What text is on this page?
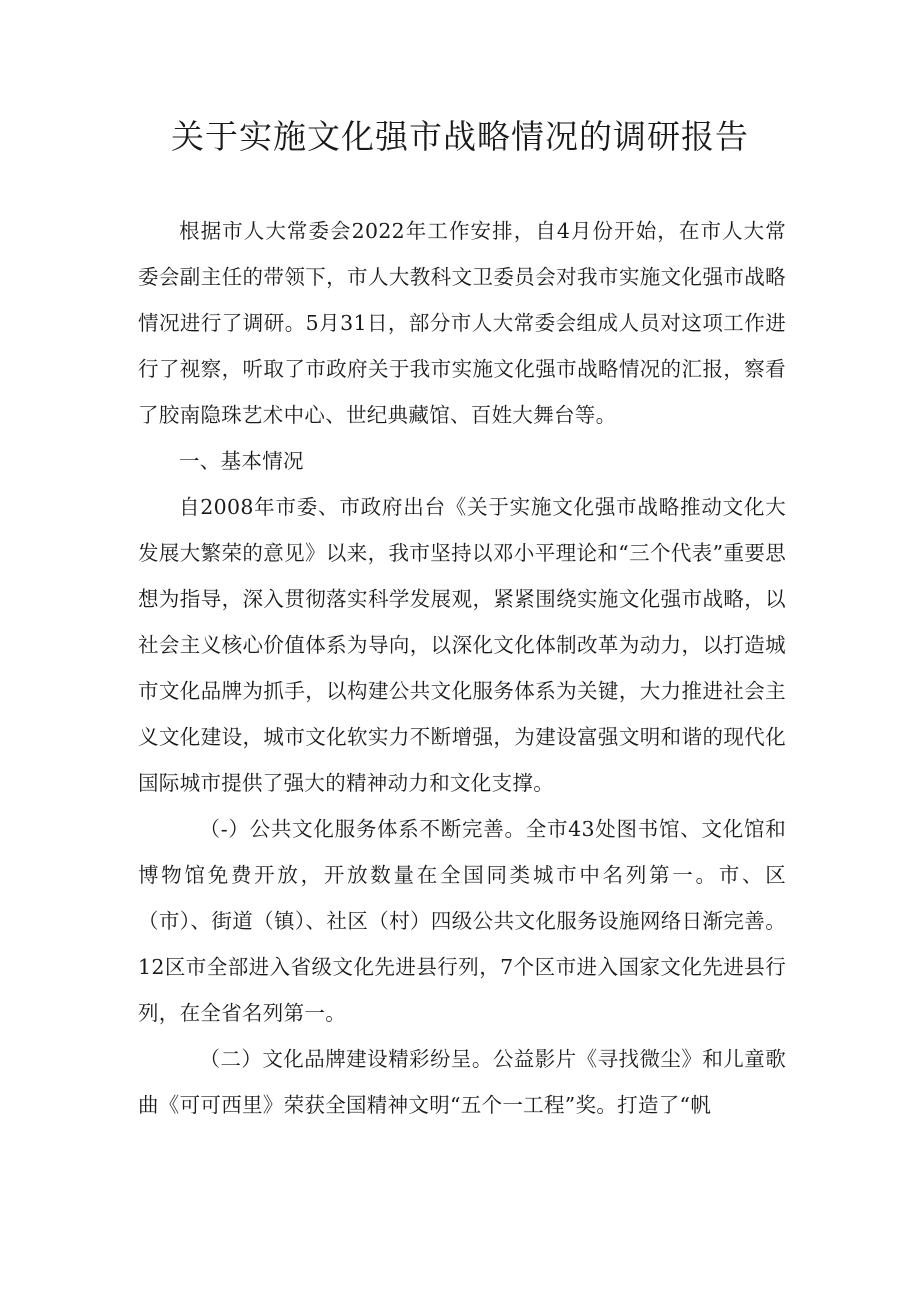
关于实施文化强市战略情况的调研报告

根据市人大常委会2022年工作安排，自4月份开始，在市人大常委会副主任的带领下，市人大教科文卫委员会对我市实施文化强市战略情况进行了调研。5月31日，部分市人大常委会组成人员对这项工作进行了视察，听取了市政府关于我市实施文化强市战略情况的汇报，察看了胶南隐珠艺术中心、世纪典藏馆、百姓大舞台等。

一、基本情况

自2008年市委、市政府出台《关于实施文化强市战略推动文化大发展大繁荣的意见》以来，我市坚持以邓小平理论和“三个代表”重要思想为指导，深入贯彻落实科学发展观，紧紧围绕实施文化强市战略，以社会主义核心价值体系为导向，以深化文化体制改革为动力，以打造城市文化品牌为抓手，以构建公共文化服务体系为关键，大力推进社会主义文化建设，城市文化软实力不断增强，为建设富强文明和谐的现代化国际城市提供了强大的精神动力和文化支撑。

（-）公共文化服务体系不断完善。全市43处图书馆、文化馆和博物馆免费开放，开放数量在全国同类城市中名列第一。市、区（市）、街道（镇）、社区（村）四级公共文化服务设施网络日渐完善。12区市全部进入省级文化先进县行列，7个区市进入国家文化先进县行列，在全省名列第一。

（二）文化品牌建设精彩纷呈。公益影片《寻找微尘》和儿童歌曲《可可西里》荣获全国精神文明“五个一工程”奖。打造了“帆
